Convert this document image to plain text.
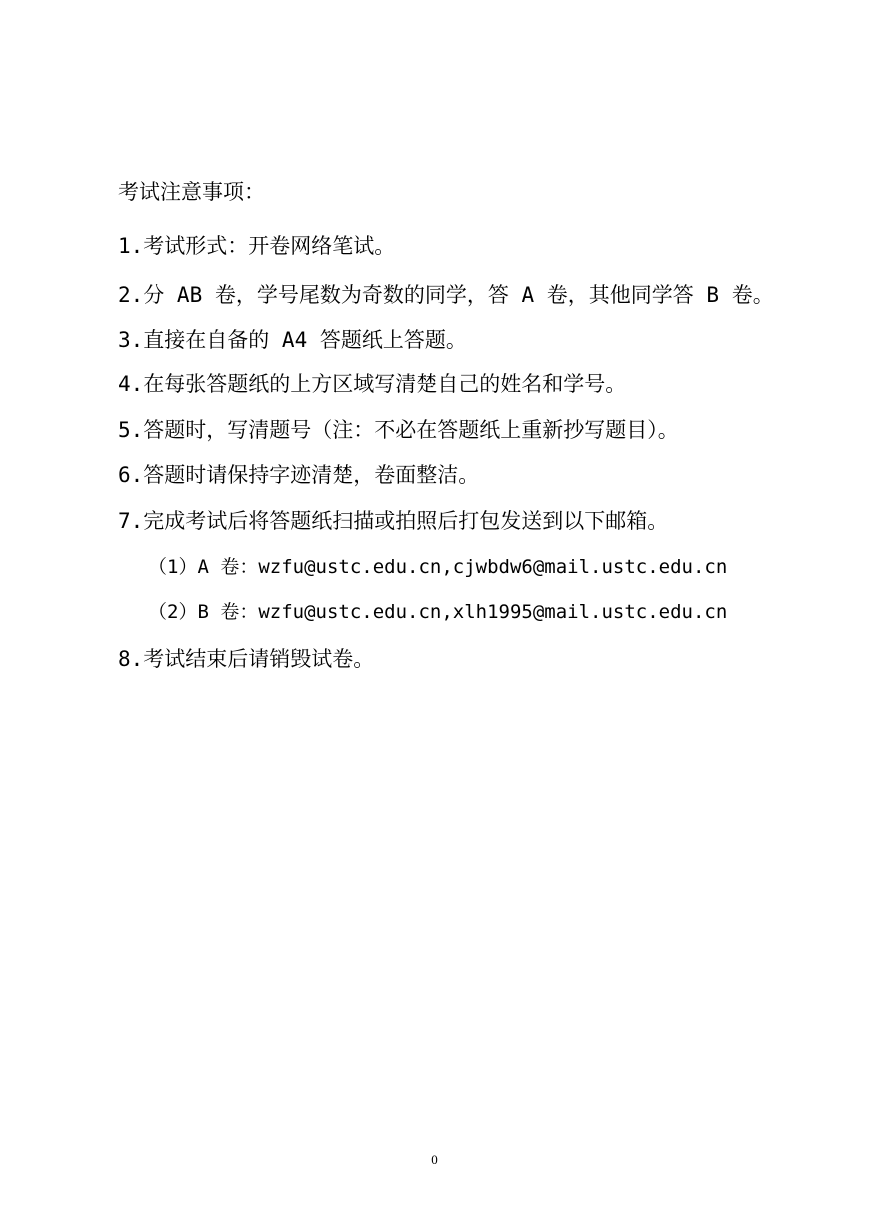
考试注意事项：
1.考试形式：开卷网络笔试。
2.分 AB 卷，学号尾数为奇数的同学，答 A 卷，其他同学答 B 卷。
3.直接在自备的 A4 答题纸上答题。
4.在每张答题纸的上方区域写清楚自己的姓名和学号。
5.答题时，写清题号（注：不必在答题纸上重新抄写题目）。
6.答题时请保持字迹清楚，卷面整洁。
7.完成考试后将答题纸扫描或拍照后打包发送到以下邮箱。
（1）A 卷：wzfu@ustc.edu.cn,cjwbdw6@mail.ustc.edu.cn
（2）B 卷：wzfu@ustc.edu.cn,xlh1995@mail.ustc.edu.cn
8.考试结束后请销毁试卷。
0
